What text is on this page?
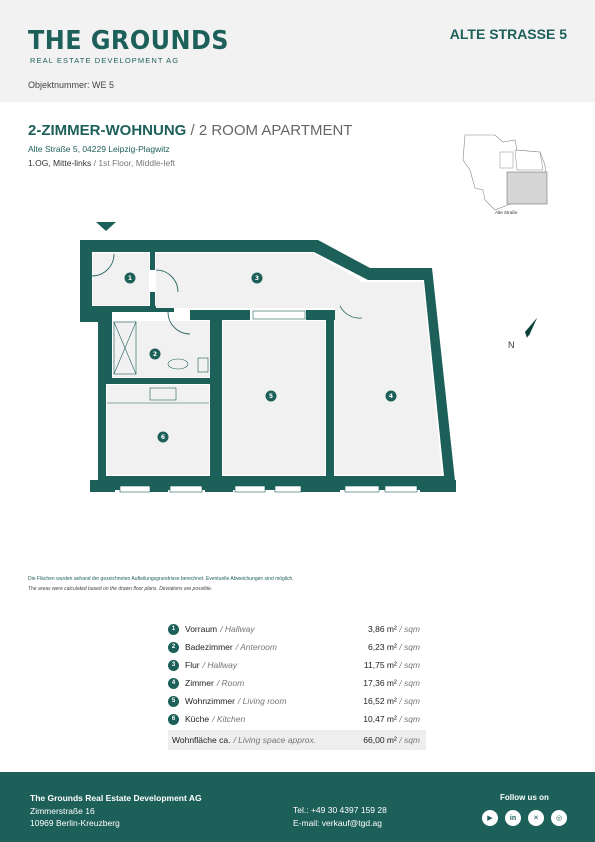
THE GROUNDS
REAL ESTATE DEVELOPMENT AG
ALTE STRASSE 5
Objektnummer: WE 5
2-ZIMMER-WOHNUNG / 2 ROOM APARTMENT
Alte Straße 5, 04229 Leipzig-Plagwitz
1.OG, Mitte-links / 1st Floor, Middle-left
Alte Straße
1	3
2
6
5	4
N
Die Flächen wurden anhand der gezeichneten Aufteilungsgrundrisse berechnet. Eventuelle Abweichungen sind möglich.
The areas were calculated based on the drawn floor plans. Deviations are possible.
1	Vorraum / Hallway	3,86 m² / sqm
2	Badezimmer / Anteroom	6,23 m² / sqm
3	Flur / Hallway	11,75 m² / sqm
4	Zimmer / Room	17,36 m² / sqm
5	Wohnzimmer / Living room	16,52 m² / sqm
6	Küche / Kitchen	10,47 m² / sqm
Wohnfläche ca. / Living space approx.	66,00 m² / sqm
The Grounds Real Estate Development AG
Zimmerstraße 16
10969 Berlin-Kreuzberg
Tel.: +49 30 4397 159 28
E-mail: verkauf@tgd.ag
Follow us on
▶	in	✕	◎
